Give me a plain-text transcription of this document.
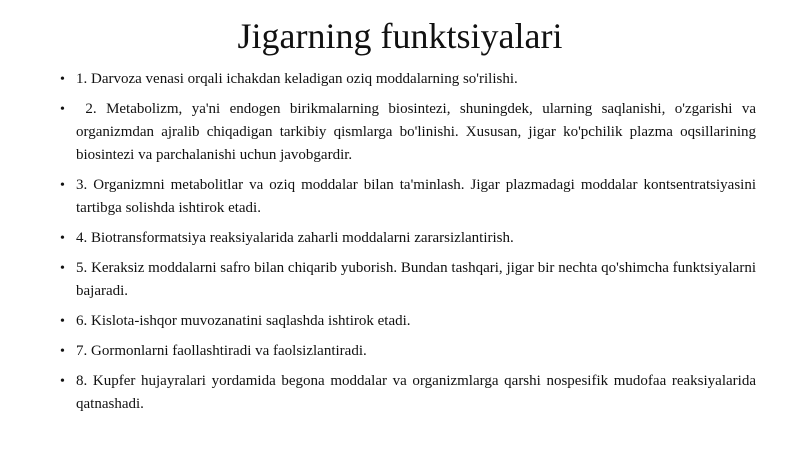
Jigarning funktsiyalari
• 1. Darvoza venasi orqali ichakdan keladigan oziq moddalarning so'rilishi.
• 2. Metabolizm, ya'ni endogen birikmalarning biosintezi, shuningdek, ularning saqlanishi, o'zgarishi va organizmdan ajralib chiqadigan tarkibiy qismlarga bo'linishi. Xususan, jigar ko'pchilik plazma oqsillarining biosintezi va parchalanishi uchun javobgardir.
• 3. Organizmni metabolitlar va oziq moddalar bilan ta'minlash. Jigar plazmadagi moddalar kontsentratsiyasini tartibga solishda ishtirok etadi.
• 4. Biotransformatsiya reaksiyalarida zaharli moddalarni zararsizlantirish.
• 5. Keraksiz moddalarni safro bilan chiqarib yuborish. Bundan tashqari, jigar bir nechta qo'shimcha funktsiyalarni bajaradi.
• 6. Kislota-ishqor muvozanatini saqlashda ishtirok etadi.
• 7. Gormonlarni faollashtiradi va faolsizlantiradi.
• 8. Kupfer hujayralari yordamida begona moddalar va organizmlarga qarshi nospesifik mudofaa reaksiyalarida qatnashadi.
